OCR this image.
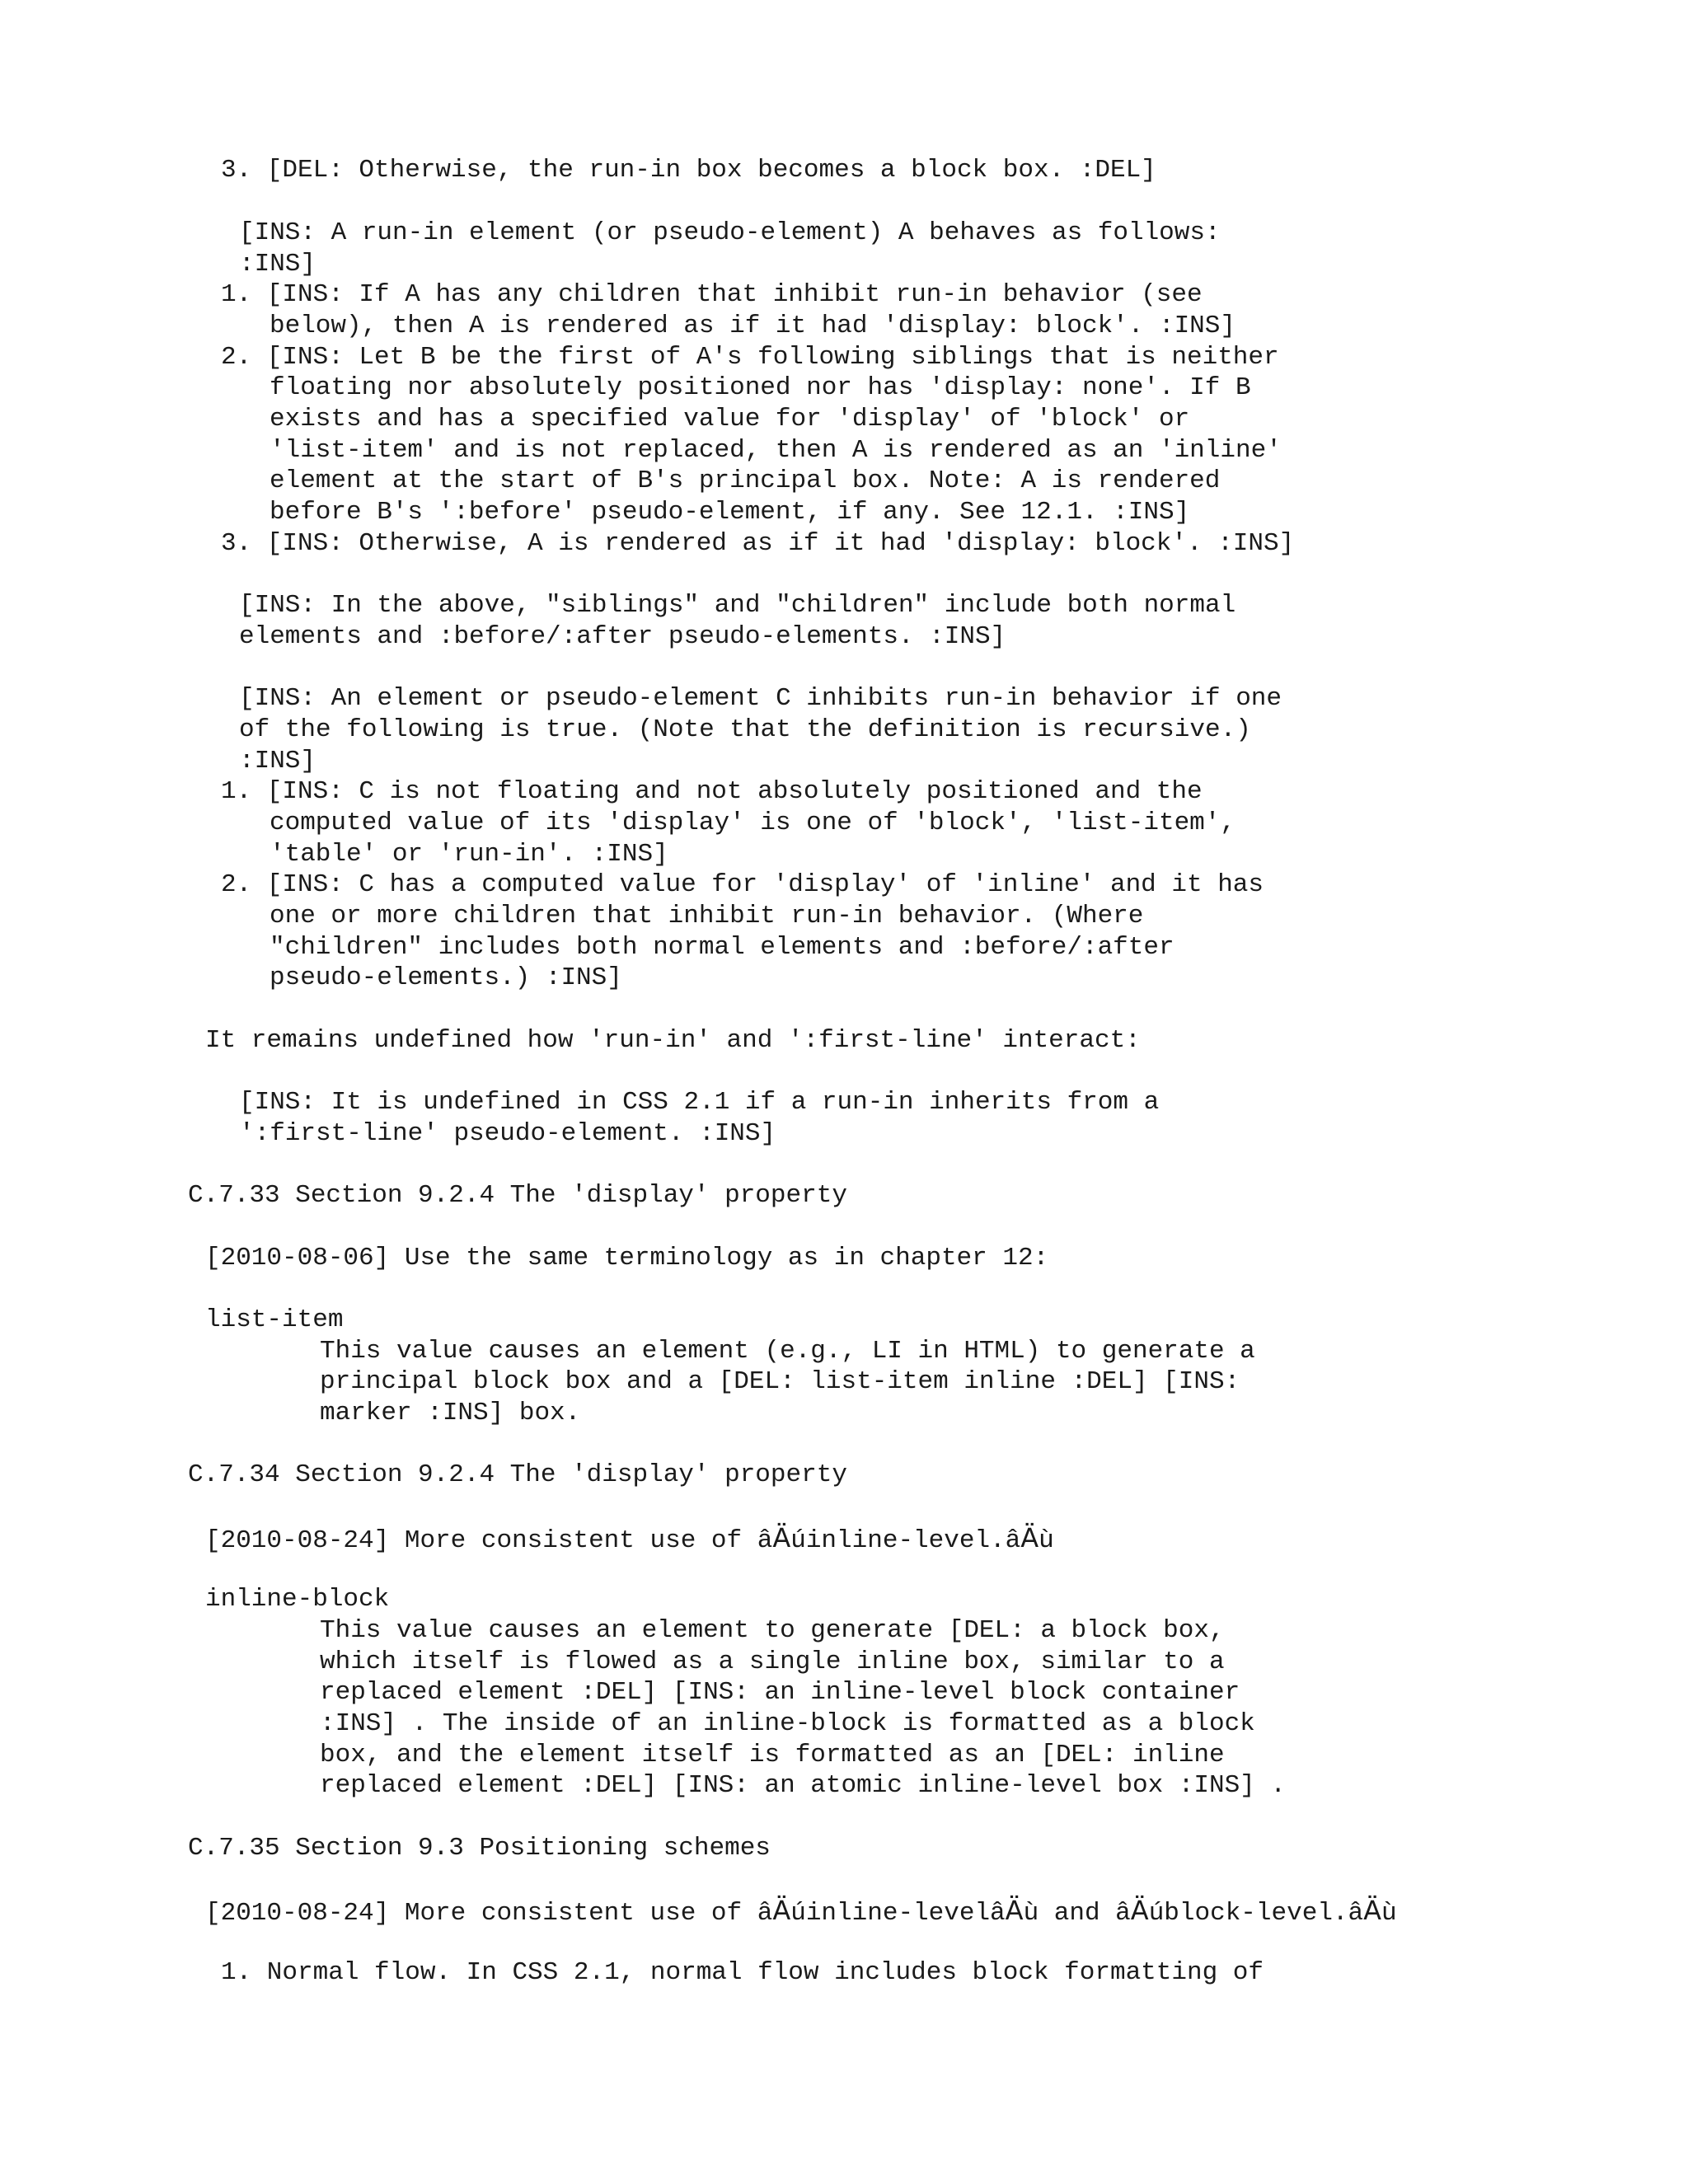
3. [DEL: Otherwise, the run-in box becomes a block box. :DEL]
[INS: A run-in element (or pseudo-element) A behaves as follows:
:INS]
1. [INS: If A has any children that inhibit run-in behavior (see
below), then A is rendered as if it had 'display: block'. :INS]
2. [INS: Let B be the first of A's following siblings that is neither
floating nor absolutely positioned nor has 'display: none'. If B
exists and has a specified value for 'display' of 'block' or
'list-item' and is not replaced, then A is rendered as an 'inline'
element at the start of B's principal box. Note: A is rendered
before B's ':before' pseudo-element, if any. See 12.1. :INS]
3. [INS: Otherwise, A is rendered as if it had 'display: block'. :INS]
[INS: In the above, "siblings" and "children" include both normal
elements and :before/:after pseudo-elements. :INS]
[INS: An element or pseudo-element C inhibits run-in behavior if one
of the following is true. (Note that the definition is recursive.)
:INS]
1. [INS: C is not floating and not absolutely positioned and the
computed value of its 'display' is one of 'block', 'list-item',
'table' or 'run-in'. :INS]
2. [INS: C has a computed value for 'display' of 'inline' and it has
one or more children that inhibit run-in behavior. (Where
"children" includes both normal elements and :before/:after
pseudo-elements.) :INS]
It remains undefined how 'run-in' and ':first-line' interact:
[INS: It is undefined in CSS 2.1 if a run-in inherits from a
':first-line' pseudo-element. :INS]
C.7.33 Section 9.2.4 The 'display' property
[2010-08-06] Use the same terminology as in chapter 12:
list-item
This value causes an element (e.g., LI in HTML) to generate a
principal block box and a [DEL: list-item inline :DEL] [INS:
marker :INS] box.
C.7.34 Section 9.2.4 The 'display' property
[2010-08-24] More consistent use of âÄúinline-level.âÄù
inline-block
This value causes an element to generate [DEL: a block box,
which itself is flowed as a single inline box, similar to a
replaced element :DEL] [INS: an inline-level block container
:INS] . The inside of an inline-block is formatted as a block
box, and the element itself is formatted as an [DEL: inline
replaced element :DEL] [INS: an atomic inline-level box :INS] .
C.7.35 Section 9.3 Positioning schemes
[2010-08-24] More consistent use of âÄúinline-levelâÄù and âÄúblock-level.âÄù
1. Normal flow. In CSS 2.1, normal flow includes block formatting of
